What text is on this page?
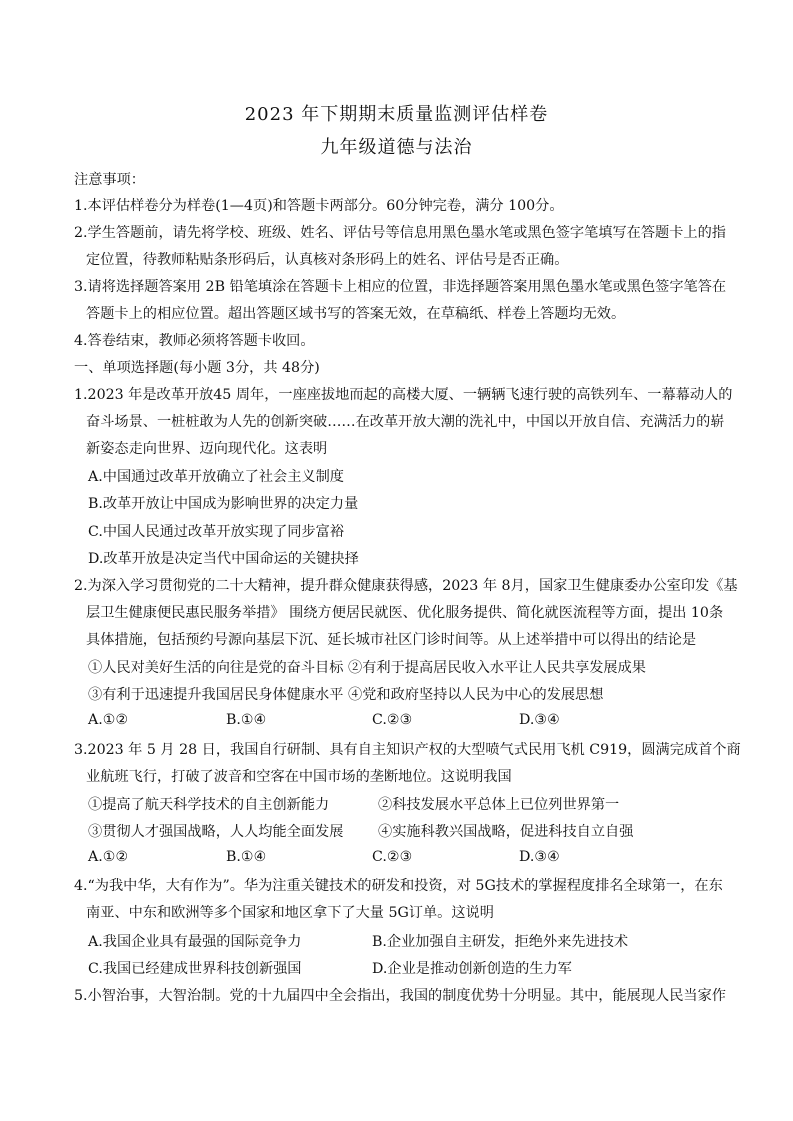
2023 年下期期末质量监测评估样卷
九年级道德与法治
注意事项：
1.本评估样卷分为样卷(1—4页)和答题卡两部分。60分钟完卷，满分 100分。
2.学生答题前，请先将学校、班级、姓名、评估号等信息用黑色墨水笔或黑色签字笔填写在答题卡上的指
定位置，待教师粘贴条形码后，认真核对条形码上的姓名、评估号是否正确。
3.请将选择题答案用 2B 铅笔填涂在答题卡上相应的位置，非选择题答案用黑色墨水笔或黑色签字笔答在
答题卡上的相应位置。超出答题区域书写的答案无效，在草稿纸、样卷上答题均无效。
4.答卷结束，教师必须将答题卡收回。
一、单项选择题(每小题 3分，共 48分)
1.2023 年是改革开放45 周年，一座座拔地而起的高楼大厦、一辆辆飞速行驶的高铁列车、一幕幕动人的
奋斗场景、一桩桩敢为人先的创新突破……在改革开放大潮的洗礼中，中国以开放自信、充满活力的崭
新姿态走向世界、迈向现代化。这表明
A.中国通过改革开放确立了社会主义制度
B.改革开放让中国成为影响世界的决定力量
C.中国人民通过改革开放实现了同步富裕
D.改革开放是决定当代中国命运的关键抉择
2.为深入学习贯彻党的二十大精神，提升群众健康获得感，2023 年 8月，国家卫生健康委办公室印发《基
层卫生健康便民惠民服务举措》 围绕方便居民就医、优化服务提供、简化就医流程等方面，提出 10条
具体措施，包括预约号源向基层下沉、延长城市社区门诊时间等。从上述举措中可以得出的结论是
①人民对美好生活的向往是党的奋斗目标 ②有利于提高居民收入水平让人民共享发展成果
③有利于迅速提升我国居民身体健康水平 ④党和政府坚持以人民为中心的发展思想
A.①②	B.①④	C.②③	D.③④
3.2023 年 5 月 28 日，我国自行研制、具有自主知识产权的大型喷气式民用飞机 C919，圆满完成首个商
业航班飞行，打破了波音和空客在中国市场的垄断地位。这说明我国
①提高了航天科学技术的自主创新能力	②科技发展水平总体上已位列世界第一
③贯彻人才强国战略，人人均能全面发展 ④实施科教兴国战略，促进科技自立自强
A.①②	B.①④	C.②③	D.③④
4.“为我中华，大有作为”。华为注重关键技术的研发和投资，对 5G技术的掌握程度排名全球第一，在东
南亚、中东和欧洲等多个国家和地区拿下了大量 5G订单。这说明
A.我国企业具有最强的国际竞争力	B.企业加强自主研发，拒绝外来先进技术
C.我国已经建成世界科技创新强国	D.企业是推动创新创造的生力军
5.小智治事，大智治制。党的十九届四中全会指出，我国的制度优势十分明显。其中，能展现人民当家作
